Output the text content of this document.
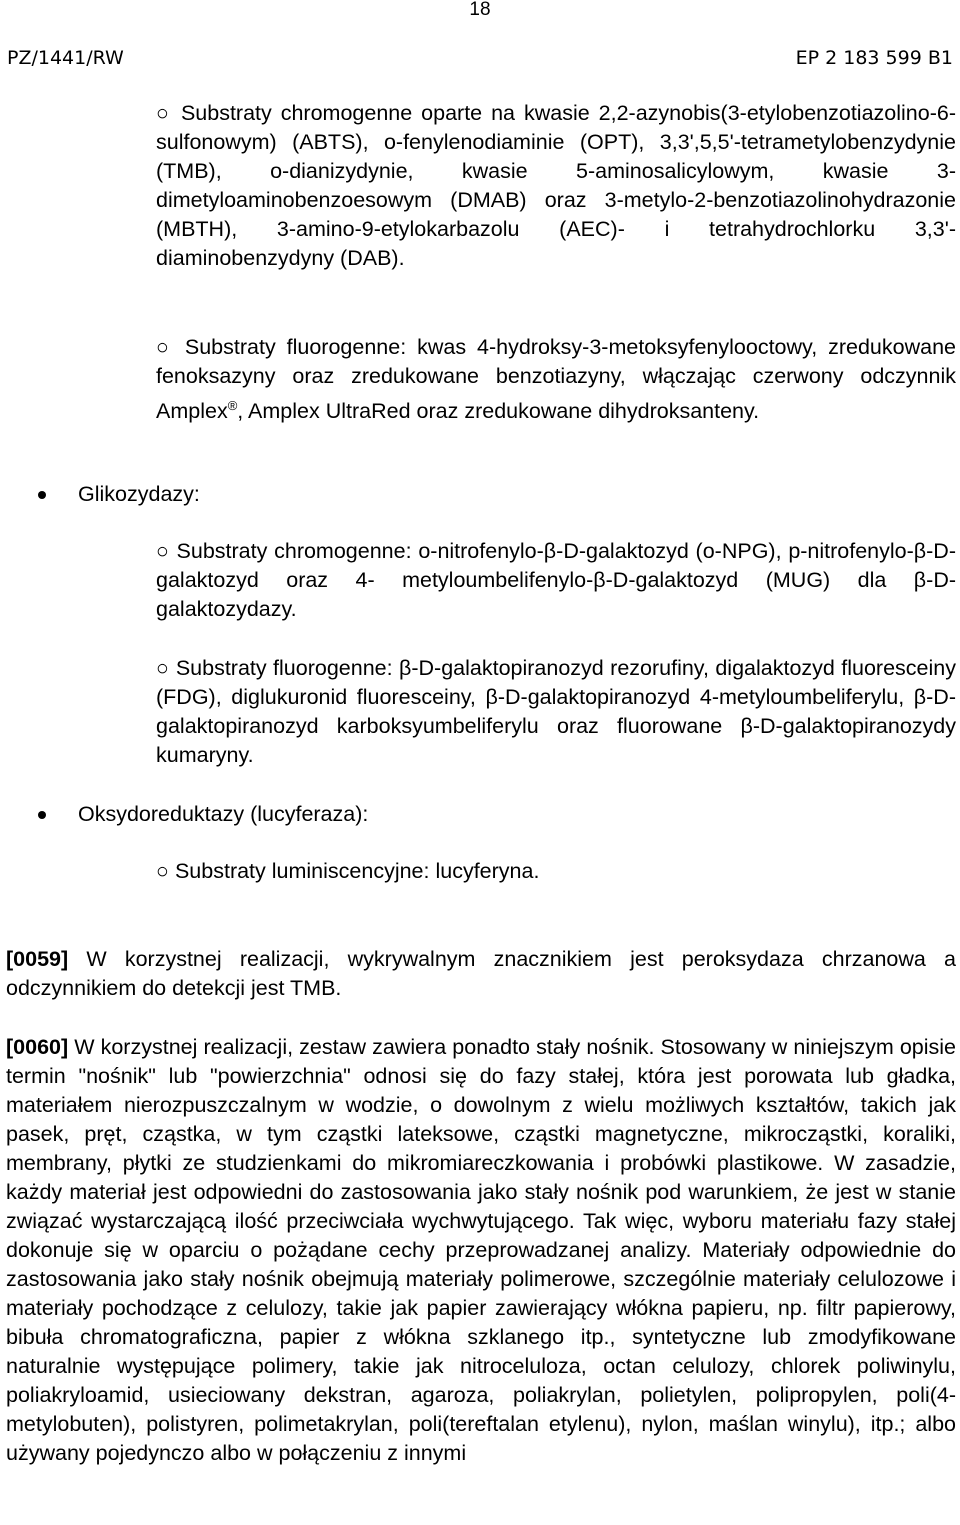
18
PZ/1441/RW	EP 2 183 599 B1

○ Substraty chromogenne oparte na kwasie 2,2-azynobis(3-etylobenzotiazolino-6-sulfonowym) (ABTS), o-fenylenodiaminie (OPT), 3,3',5,5'-tetrametylobenzydynie (TMB), o-dianizydynie, kwasie 5-aminosalicylowym, kwasie 3-dimetyloaminobenzoesowym (DMAB) oraz 3-metylo-2-benzotiazolinohydrazonie (MBTH), 3-amino-9-etylokarbazolu (AEC)- i tetrahydrochlorku 3,3'-diaminobenzydyny (DAB).

○ Substraty fluorogenne: kwas 4-hydroksy-3-metoksyfenylooctowy, zredukowane fenoksazyny oraz zredukowane benzotiazyny, włączając czerwony odczynnik Amplex®, Amplex UltraRed oraz zredukowane dihydroksanteny.

Glikozydazy:

○ Substraty chromogenne: o-nitrofenylo-β-D-galaktozyd (o-NPG), p-nitrofenylo-β-D-galaktozyd oraz 4- metyloumbelifenylo-β-D-galaktozyd (MUG) dla β-D-galaktozydazy.

○ Substraty fluorogenne: β-D-galaktopiranozyd rezorufiny, digalaktozyd fluoresceiny (FDG), diglukuronid fluoresceiny, β-D-galaktopiranozyd 4-metyloumbeliferylu, β-D-galaktopiranozyd karboksyumbeliferylu oraz fluorowane β-D-galaktopiranozydy kumaryny.

Oksydoreduktazy (lucyferaza):

○ Substraty luminiscencyjne: lucyferyna.

[0059] W korzystnej realizacji, wykrywalnym znacznikiem jest peroksydaza chrzanowa a odczynnikiem do detekcji jest TMB.

[0060] W korzystnej realizacji, zestaw zawiera ponadto stały nośnik. Stosowany w niniejszym opisie termin "nośnik" lub "powierzchnia" odnosi się do fazy stałej, która jest porowata lub gładka, materiałem nierozpuszczalnym w wodzie, o dowolnym z wielu możliwych kształtów, takich jak pasek, pręt, cząstka, w tym cząstki lateksowe, cząstki magnetyczne, mikrocząstki, koraliki, membrany, płytki ze studzienkami do mikromiareczkowania i probówki plastikowe. W zasadzie, każdy materiał jest odpowiedni do zastosowania jako stały nośnik pod warunkiem, że jest w stanie związać wystarczającą ilość przeciwciała wychwytującego. Tak więc, wyboru materiału fazy stałej dokonuje się w oparciu o pożądane cechy przeprowadzanej analizy. Materiały odpowiednie do zastosowania jako stały nośnik obejmują materiały polimerowe, szczególnie materiały celulozowe i materiały pochodzące z celulozy, takie jak papier zawierający włókna papieru, np. filtr papierowy, bibuła chromatograficzna, papier z włókna szklanego itp., syntetyczne lub zmodyfikowane naturalnie występujące polimery, takie jak nitroceluloza, octan celulozy, chlorek poliwinylu, poliakryloamid, usieciowany dekstran, agaroza, poliakrylan, polietylen, polipropylen, poli(4-metylobuten), polistyren, polimetakrylan, poli(tereftalan etylenu), nylon, maślan winylu), itp.; albo używany pojedynczo albo w połączeniu z innymi
